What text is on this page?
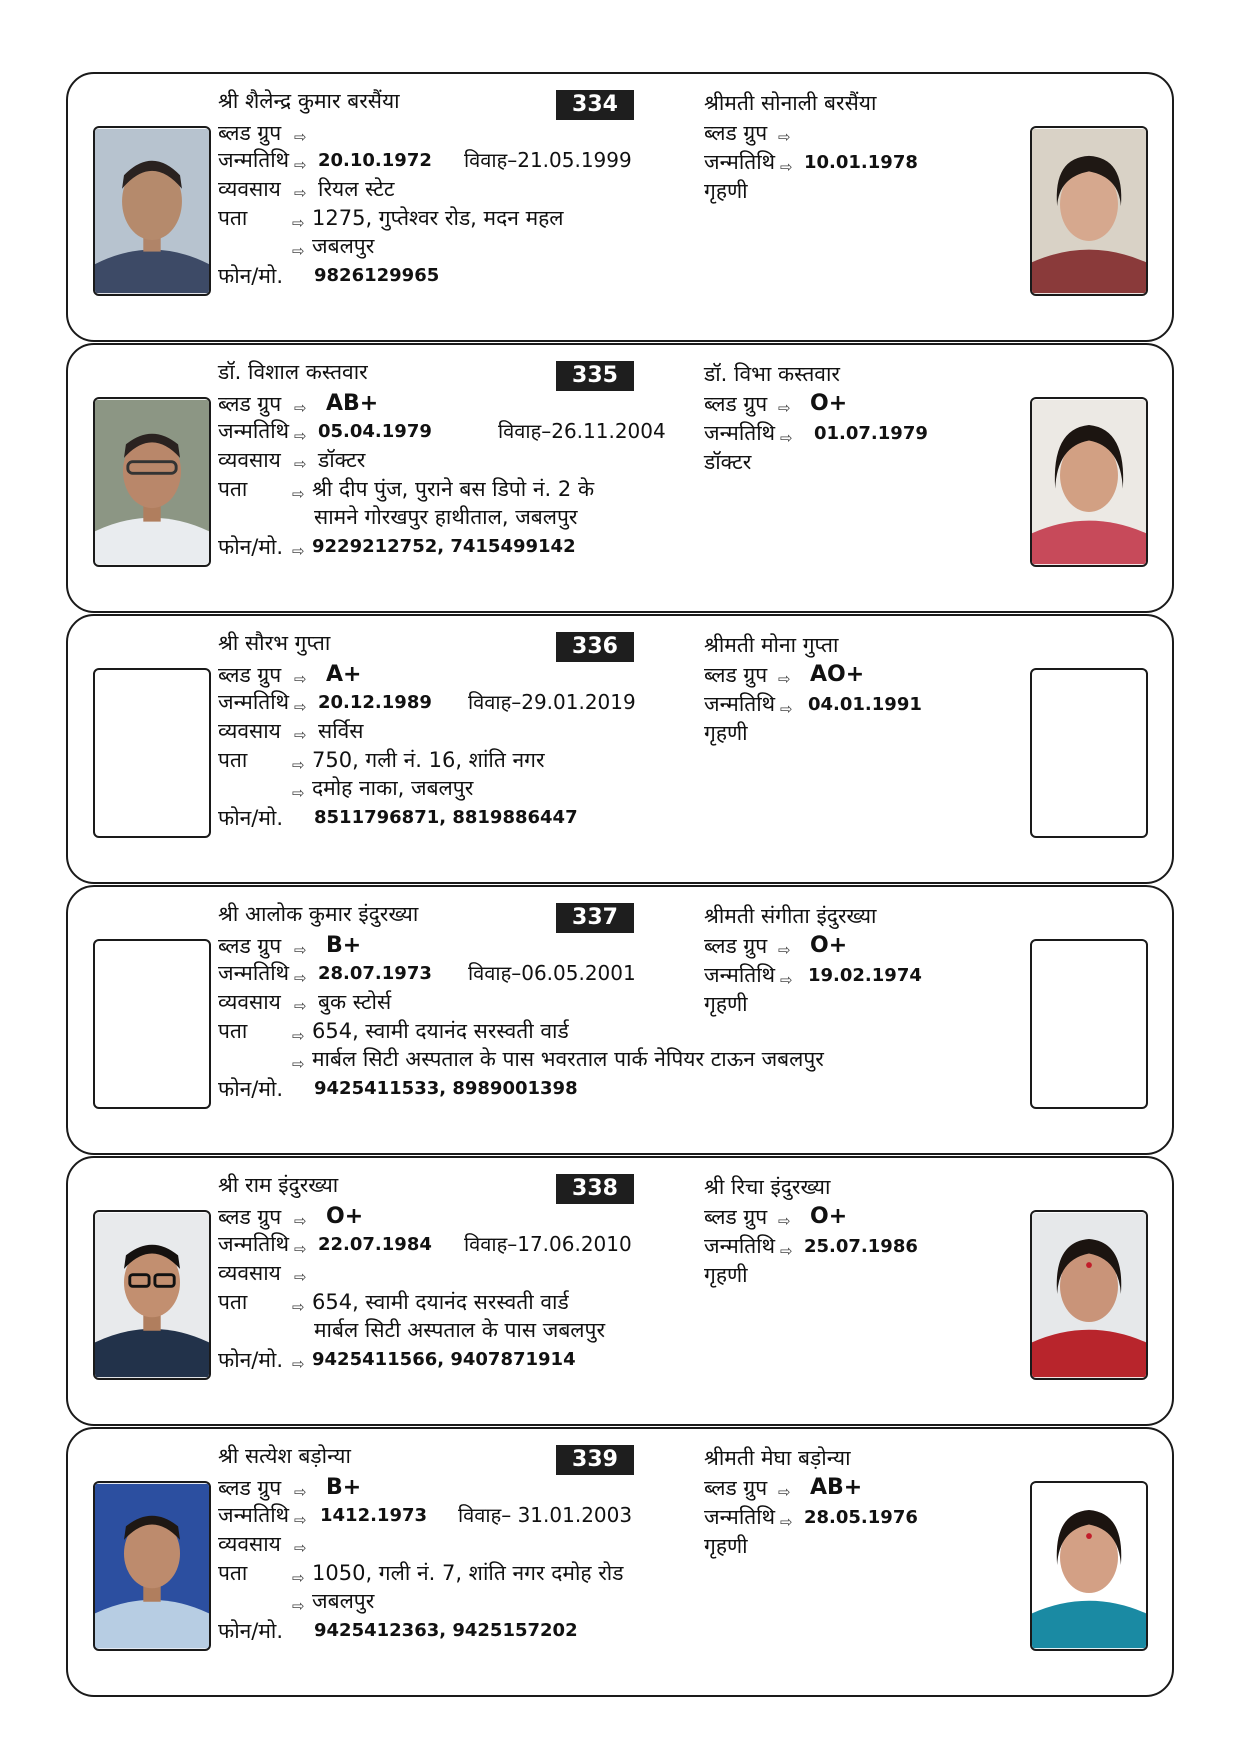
श्री शैलेन्द्र कुमार बरसैंया	334
ब्लड ग्रुप ⇨
जन्मतिथि ⇨ 20.10.1972 विवाह–21.05.1999
व्यवसाय ⇨ रियल स्टेट
पता	⇨ 1275, गुप्तेश्वर रोड, मदन महल
⇨ जबलपुर
फोन/मो. 9826129965
श्रीमती सोनाली बरसैंया
ब्लड ग्रुप ⇨
जन्मतिथि ⇨ 10.01.1978
गृहणी
डॉ. विशाल कस्तवार	335
ब्लड ग्रुप ⇨ AB+
जन्मतिथि ⇨ 05.04.1979	विवाह–26.11.2004
व्यवसाय ⇨ डॉक्टर
पता	⇨ श्री दीप पुंज, पुराने बस डिपो नं. 2 के
सामने गोरखपुर हाथीताल, जबलपुर
फोन/मो. ⇨ 9229212752, 7415499142
डॉ. विभा कस्तवार
ब्लड ग्रुप ⇨ O+
जन्मतिथि ⇨ 01.07.1979
डॉक्टर
श्री सौरभ गुप्ता	336
ब्लड ग्रुप ⇨ A+
जन्मतिथि ⇨ 20.12.1989 विवाह–29.01.2019
व्यवसाय ⇨ सर्विस
पता	⇨ 750, गली नं. 16, शांति नगर
⇨ दमोह नाका, जबलपुर
फोन/मो. 8511796871, 8819886447
श्रीमती मोना गुप्ता
ब्लड ग्रुप ⇨ AO+
जन्मतिथि ⇨ 04.01.1991
गृहणी
श्री आलोक कुमार इंदुरख्या	337
ब्लड ग्रुप ⇨ B+
जन्मतिथि ⇨ 28.07.1973 विवाह–06.05.2001
व्यवसाय ⇨ बुक स्टोर्स
पता	⇨ 654, स्वामी दयानंद सरस्वती वार्ड
⇨ मार्बल सिटी अस्पताल के पास भवरताल पार्क नेपियर टाऊन जबलपुर
फोन/मो. 9425411533, 8989001398
श्रीमती संगीता इंदुरख्या
ब्लड ग्रुप ⇨ O+
जन्मतिथि ⇨ 19.02.1974
गृहणी
श्री राम इंदुरख्या	338
ब्लड ग्रुप ⇨ O+
जन्मतिथि ⇨ 22.07.1984 विवाह–17.06.2010
व्यवसाय ⇨
पता	⇨ 654, स्वामी दयानंद सरस्वती वार्ड
मार्बल सिटी अस्पताल के पास जबलपुर
फोन/मो. ⇨ 9425411566, 9407871914
श्री रिचा इंदुरख्या
ब्लड ग्रुप ⇨ O+
जन्मतिथि ⇨ 25.07.1986
गृहणी
श्री सत्येश बड़ोन्या	339
ब्लड ग्रुप ⇨ B+
जन्मतिथि ⇨ 1412.1973 विवाह– 31.01.2003
व्यवसाय ⇨
पता	⇨ 1050, गली नं. 7, शांति नगर दमोह रोड
⇨ जबलपुर
फोन/मो. 9425412363, 9425157202
श्रीमती मेघा बड़ोन्या
ब्लड ग्रुप ⇨ AB+
जन्मतिथि ⇨ 28.05.1976
गृहणी
